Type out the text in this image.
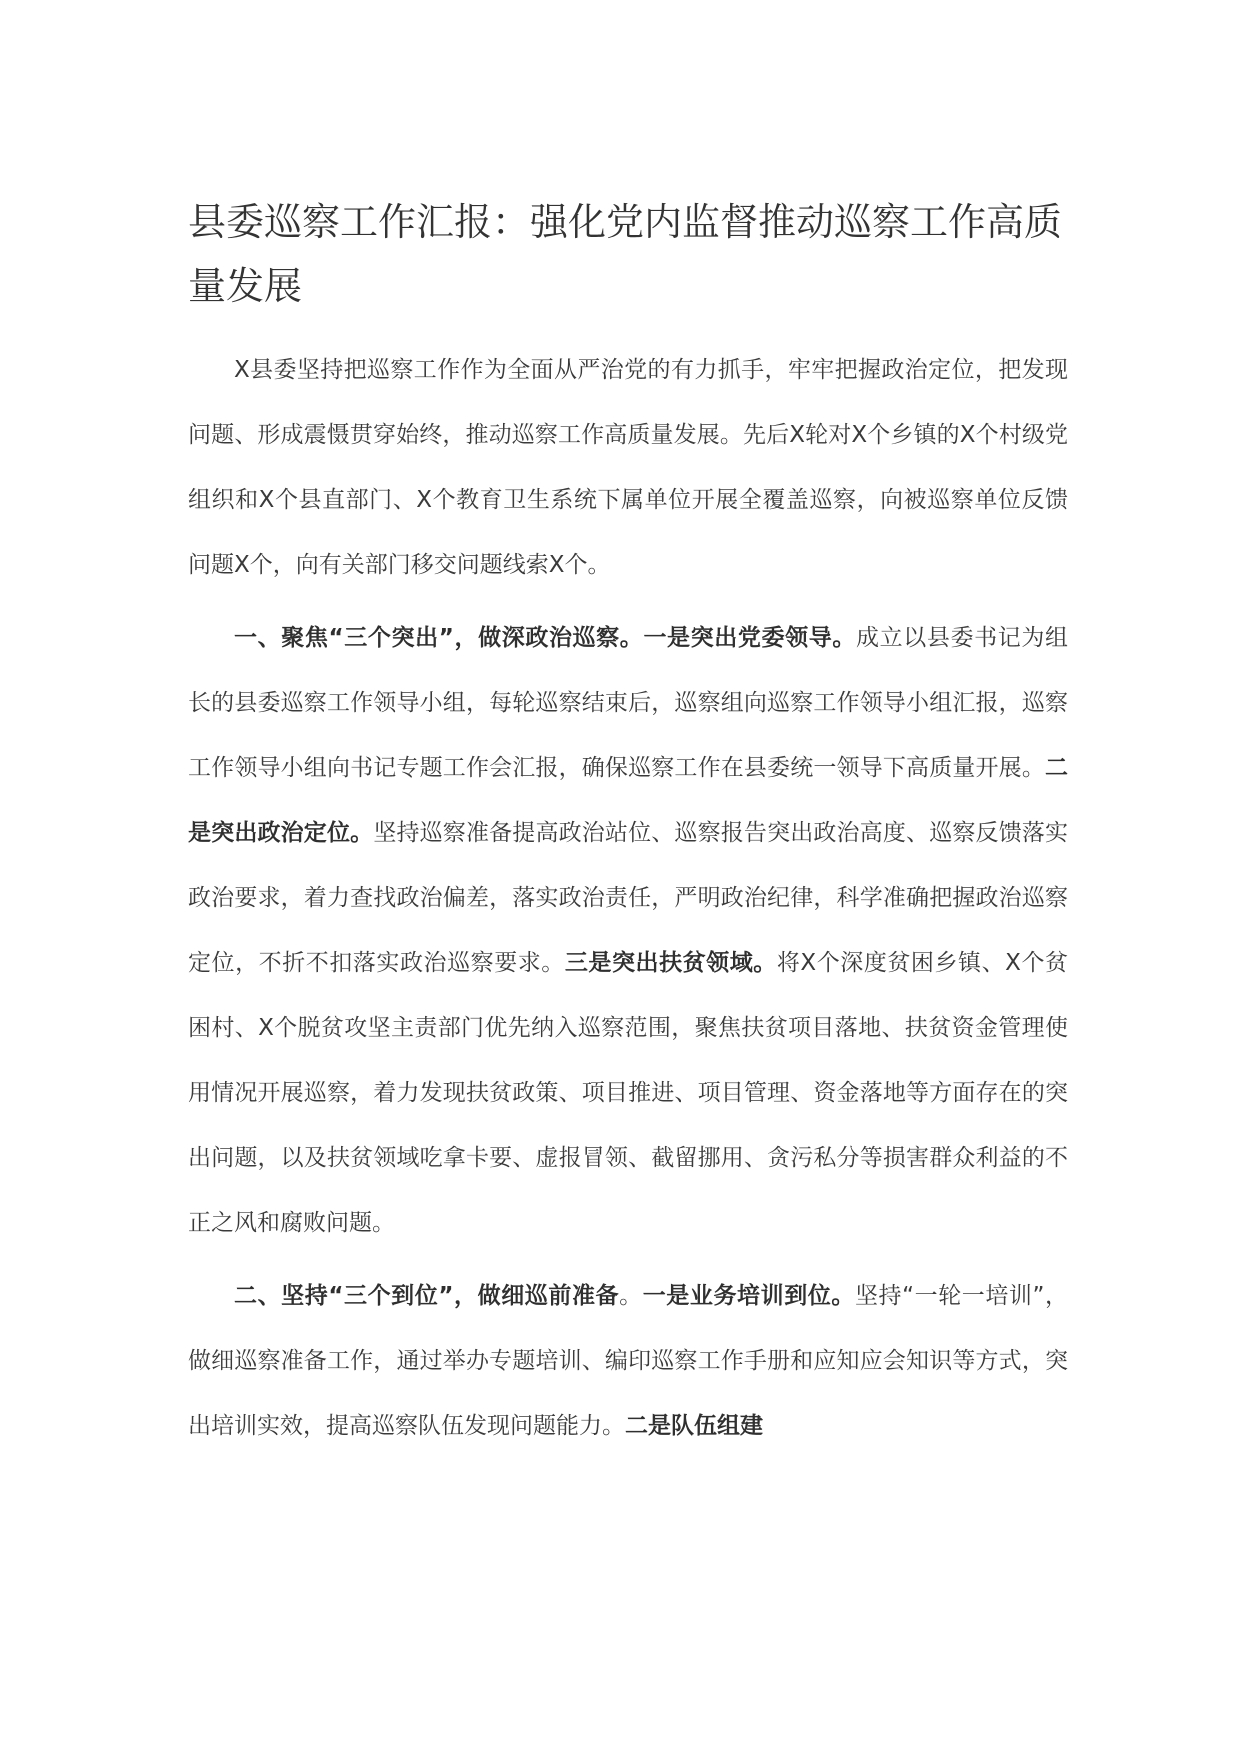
县委巡察工作汇报：强化党内监督推动巡察工作高质量发展

X县委坚持把巡察工作作为全面从严治党的有力抓手，牢牢把握政治定位，把发现问题、形成震慑贯穿始终，推动巡察工作高质量发展。先后X轮对X个乡镇的X个村级党组织和X个县直部门、X个教育卫生系统下属单位开展全覆盖巡察，向被巡察单位反馈问题X个，向有关部门移交问题线索X个。

一、聚焦“三个突出”，做深政治巡察。一是突出党委领导。成立以县委书记为组长的县委巡察工作领导小组，每轮巡察结束后，巡察组向巡察工作领导小组汇报，巡察工作领导小组向书记专题工作会汇报，确保巡察工作在县委统一领导下高质量开展。二是突出政治定位。坚持巡察准备提高政治站位、巡察报告突出政治高度、巡察反馈落实政治要求，着力查找政治偏差，落实政治责任，严明政治纪律，科学准确把握政治巡察定位，不折不扣落实政治巡察要求。三是突出扶贫领域。将X个深度贫困乡镇、X个贫困村、X个脱贫攻坚主责部门优先纳入巡察范围，聚焦扶贫项目落地、扶贫资金管理使用情况开展巡察，着力发现扶贫政策、项目推进、项目管理、资金落地等方面存在的突出问题，以及扶贫领域吃拿卡要、虚报冒领、截留挪用、贪污私分等损害群众利益的不正之风和腐败问题。

二、坚持“三个到位”，做细巡前准备。一是业务培训到位。坚持“一轮一培训”，做细巡察准备工作，通过举办专题培训、编印巡察工作手册和应知应会知识等方式，突出培训实效，提高巡察队伍发现问题能力。二是队伍组建
